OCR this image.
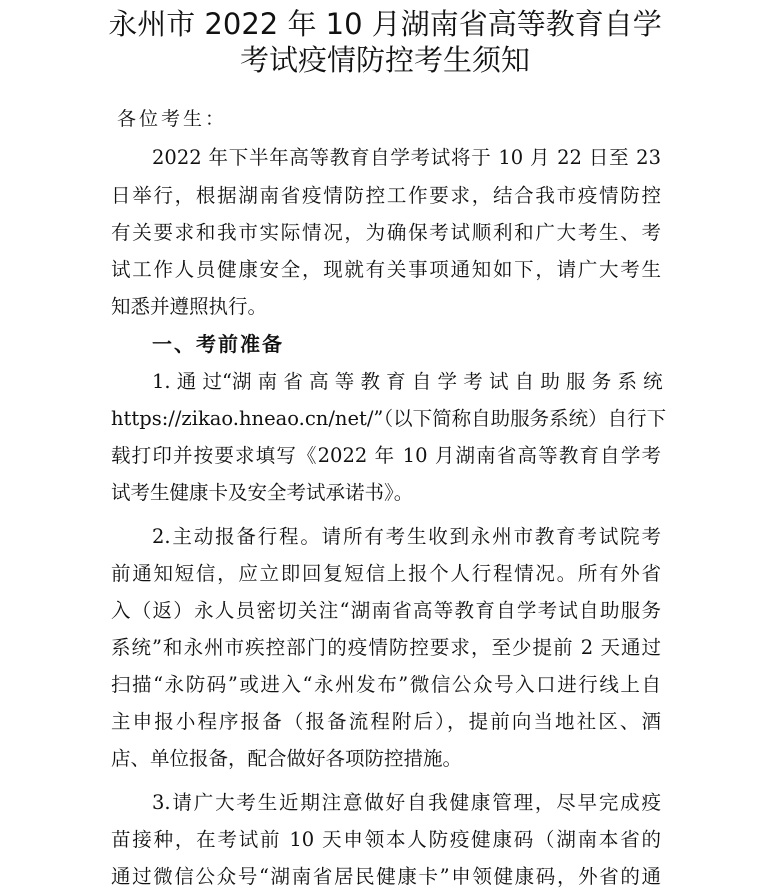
永州市 2022 年 10 月湖南省高等教育自学
考试疫情防控考生须知
各位考生：
2022 年下半年高等教育自学考试将于 10 月 22 日至 23
日举行，根据湖南省疫情防控工作要求，结合我市疫情防控
有关要求和我市实际情况，为确保考试顺利和广大考生、考
试工作人员健康安全，现就有关事项通知如下，请广大考生
知悉并遵照执行。
一、考前准备
1. 通 过“湖 南 省 高 等 教 育 自 学 考 试 自 助 服 务 系 统
https://zikao.hneao.cn/net/”（以下简称自助服务系统）自行下
载打印并按要求填写《2022 年 10 月湖南省高等教育自学考
试考生健康卡及安全考试承诺书》。
2.主动报备行程。请所有考生收到永州市教育考试院考
前通知短信，应立即回复短信上报个人行程情况。所有外省
入（返）永人员密切关注“湖南省高等教育自学考试自助服务
系统”和永州市疾控部门的疫情防控要求，至少提前 2 天通过
扫描“永防码”或进入“永州发布”微信公众号入口进行线上自
主申报小程序报备（报备流程附后），提前向当地社区、酒
店、单位报备，配合做好各项防控措施。
3.请广大考生近期注意做好自我健康管理，尽早完成疫
苗接种，在考试前 10 天申领本人防疫健康码（湖南本省的
通过微信公众号“湖南省居民健康卡”申领健康码，外省的通
